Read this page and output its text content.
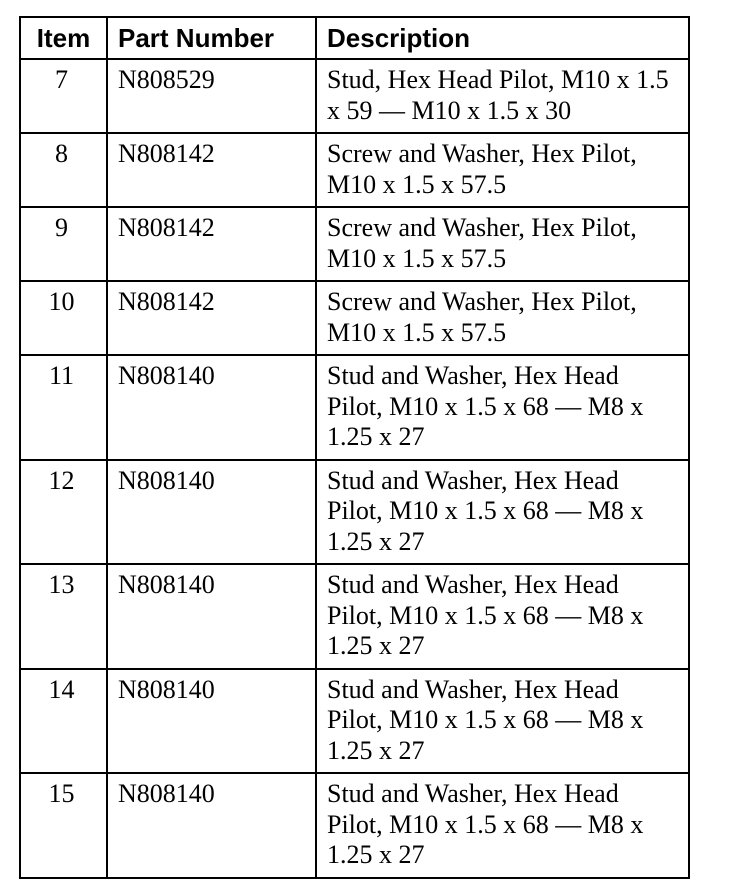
Item	Part Number	Description
7	N808529	Stud, Hex Head Pilot, M10 x 1.5 x 59 — M10 x 1.5 x 30
8	N808142	Screw and Washer, Hex Pilot, M10 x 1.5 x 57.5
9	N808142	Screw and Washer, Hex Pilot, M10 x 1.5 x 57.5
10	N808142	Screw and Washer, Hex Pilot, M10 x 1.5 x 57.5
11	N808140	Stud and Washer, Hex Head Pilot, M10 x 1.5 x 68 — M8 x 1.25 x 27
12	N808140	Stud and Washer, Hex Head Pilot, M10 x 1.5 x 68 — M8 x 1.25 x 27
13	N808140	Stud and Washer, Hex Head Pilot, M10 x 1.5 x 68 — M8 x 1.25 x 27
14	N808140	Stud and Washer, Hex Head Pilot, M10 x 1.5 x 68 — M8 x 1.25 x 27
15	N808140	Stud and Washer, Hex Head Pilot, M10 x 1.5 x 68 — M8 x 1.25 x 27
